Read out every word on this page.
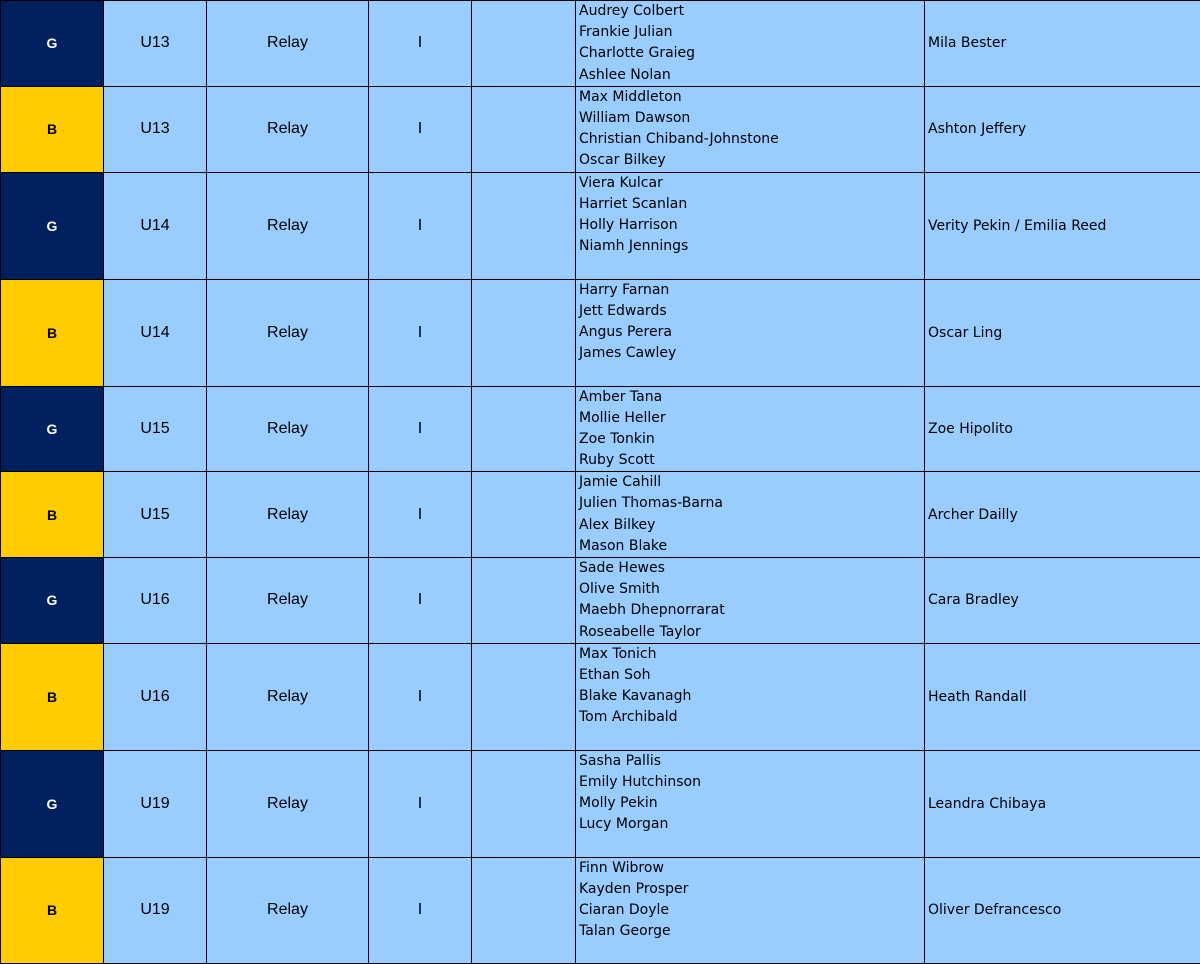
G	U13	Relay	I		Audrey Colbert
Frankie Julian
Charlotte Graieg
Ashlee Nolan	Mila Bester
B	U13	Relay	I		Max Middleton
William Dawson
Christian Chiband-Johnstone
Oscar Bilkey	Ashton Jeffery
G	U14	Relay	I		Viera Kulcar
Harriet Scanlan
Holly Harrison
Niamh Jennings	Verity Pekin / Emilia Reed
B	U14	Relay	I		Harry Farnan
Jett Edwards
Angus Perera
James Cawley	Oscar Ling
G	U15	Relay	I		Amber Tana
Mollie Heller
Zoe Tonkin
Ruby Scott	Zoe Hipolito
B	U15	Relay	I		Jamie Cahill
Julien Thomas-Barna
Alex Bilkey
Mason Blake	Archer Dailly
G	U16	Relay	I		Sade Hewes
Olive Smith
Maebh Dhepnorrarat
Roseabelle Taylor	Cara Bradley
B	U16	Relay	I		Max Tonich
Ethan Soh
Blake Kavanagh
Tom Archibald	Heath Randall
G	U19	Relay	I		Sasha Pallis
Emily Hutchinson
Molly Pekin
Lucy Morgan	Leandra Chibaya
B	U19	Relay	I		Finn Wibrow
Kayden Prosper
Ciaran Doyle
Talan George	Oliver Defrancesco
